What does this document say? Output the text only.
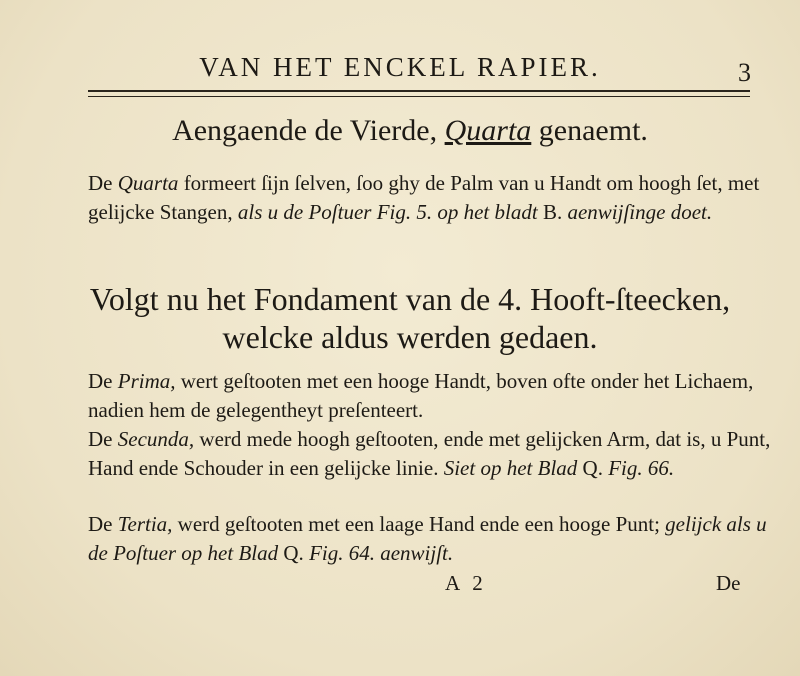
VAN HET ENCKEL RAPIER.	3
Aengaende de Vierde, Quarta genaemt.
De Quarta formeert ſijn ſelven, ſoo ghy de Palm van u Handt om hoogh ſet, met gelijcke Stangen, als u de Poſtuer Fig. 5. op het bladt B. aenwijſinge doet.
Volgt nu het Fondament van de 4. Hooft-ſteecken,
welcke aldus werden gedaen.
De Prima, wert geſtooten met een hooge Handt, boven ofte onder het Lichaem, nadien hem de gelegentheyt preſenteert.
De Secunda, werd mede hoogh geſtooten, ende met gelijcken Arm, dat is, u Punt, Hand ende Schouder in een gelijcke linie. Siet op het Blad Q. Fig. 66.
De Tertia, werd geſtooten met een laage Hand ende een hooge Punt; gelijck als u de Poſtuer op het Blad Q. Fig. 64. aenwijſt.
A 2	De
